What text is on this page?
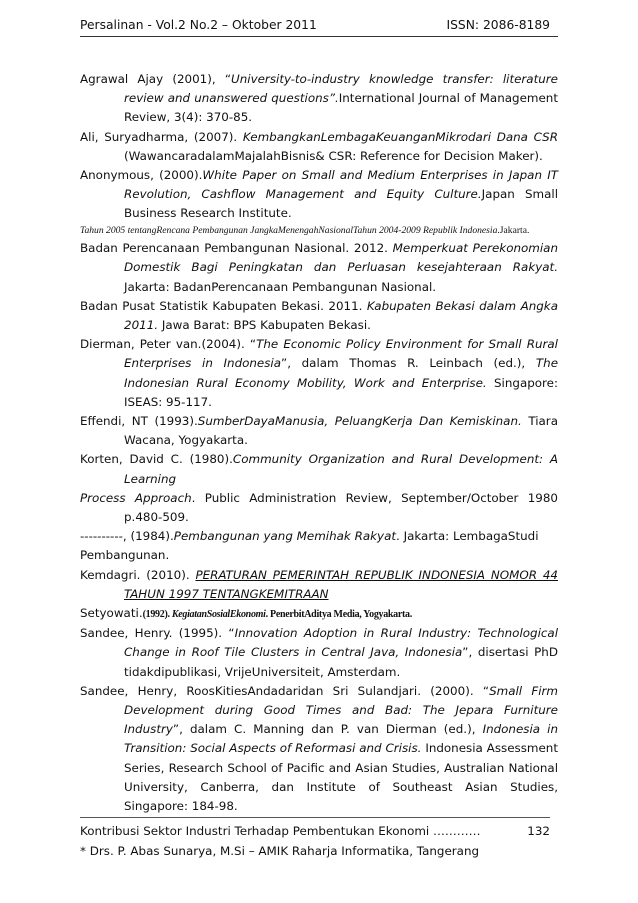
Persalinan - Vol.2 No.2 – Oktober 2011	ISSN: 2086-8189

Agrawal Ajay (2001), “University-to-industry knowledge transfer: literature review and unanswered questions”.International Journal of Management Review, 3(4): 370-85.

Ali, Suryadharma, (2007). KembangkanLembagaKeuanganMikrodari Dana CSR (WawancaradalamMajalahBisnis& CSR: Reference for Decision Maker).

Anonymous, (2000).White Paper on Small and Medium Enterprises in Japan IT Revolution, Cashflow Management and Equity Culture.Japan Small Business Research Institute.

Tahun 2005 tentangRencana Pembangunan JangkaMenengahNasionalTahun 2004-2009 Republik Indonesia.Jakarta.

Badan Perencanaan Pembangunan Nasional. 2012. Memperkuat Perekonomian Domestik Bagi Peningkatan dan Perluasan kesejahteraan Rakyat. Jakarta: BadanPerencanaan Pembangunan Nasional.

Badan Pusat Statistik Kabupaten Bekasi. 2011. Kabupaten Bekasi dalam Angka 2011. Jawa Barat: BPS Kabupaten Bekasi.

Dierman, Peter van.(2004). “The Economic Policy Environment for Small Rural Enterprises in Indonesia”, dalam Thomas R. Leinbach (ed.), The Indonesian Rural Economy Mobility, Work and Enterprise. Singapore: ISEAS: 95-117.

Effendi, NT (1993).SumberDayaManusia, PeluangKerja Dan Kemiskinan. Tiara Wacana, Yogyakarta.

Korten, David C. (1980).Community Organization and Rural Development: A Learning

Process Approach. Public Administration Review, September/October 1980 p.480-509.

----------, (1984).Pembangunan yang Memihak Rakyat. Jakarta: LembagaStudi

Pembangunan.

Kemdagri. (2010). PERATURAN PEMERINTAH REPUBLIK INDONESIA NOMOR 44 TAHUN 1997 TENTANGKEMITRAAN

Setyowati.(1992). KegiatanSosialEkonomi. PenerbitAditya Media, Yogyakarta.

Sandee, Henry. (1995). “Innovation Adoption in Rural Industry: Technological Change in Roof Tile Clusters in Central Java, Indonesia”, disertasi PhD tidakdipublikasi, VrijeUniversiteit, Amsterdam.

Sandee, Henry, RoosKitiesAndadaridan Sri Sulandjari. (2000). “Small Firm Development during Good Times and Bad: The Jepara Furniture Industry”, dalam C. Manning dan P. van Dierman (ed.), Indonesia in Transition: Social Aspects of Reformasi and Crisis. Indonesia Assessment Series, Research School of Pacific and Asian Studies, Australian National University, Canberra, dan Institute of Southeast Asian Studies, Singapore: 184-98.

Kontribusi Sektor Industri Terhadap Pembentukan Ekonomi …………	132
* Drs. P. Abas Sunarya, M.Si – AMIK Raharja Informatika, Tangerang
